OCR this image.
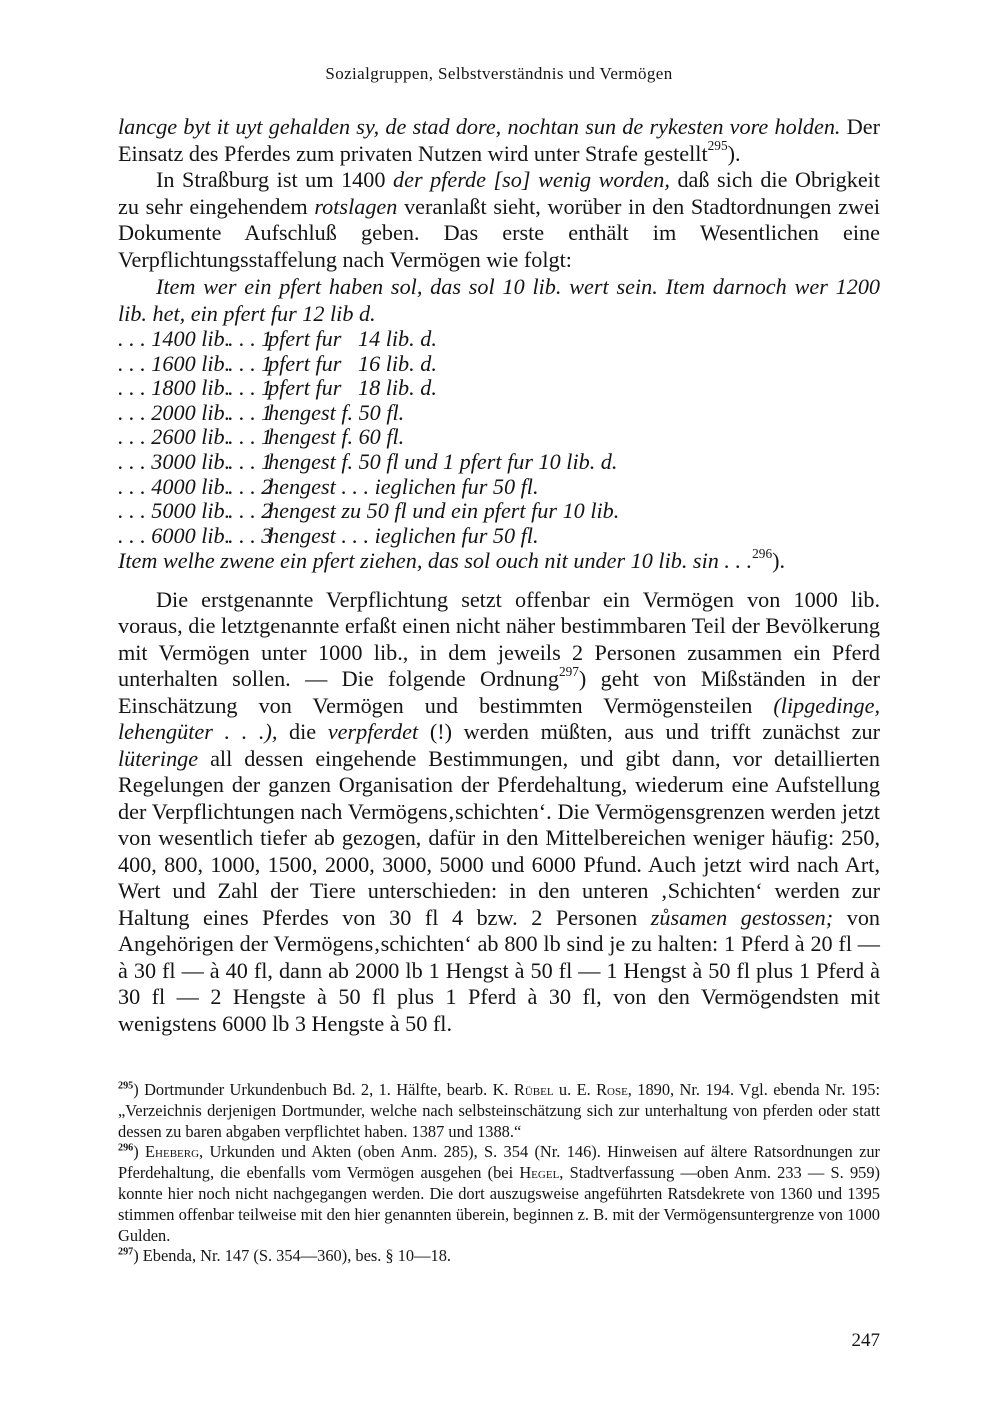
Sozialgruppen, Selbstverständnis und Vermögen

lancge byt it uyt gehalden sy, de stad dore, nochtan sun de rykesten vore holden. Der Einsatz des Pferdes zum privaten Nutzen wird unter Strafe gestellt$^{295}$).

In Straßburg ist um 1400 der pferde [so] wenig worden, daß sich die Obrigkeit zu sehr eingehendem rotslagen veranlaßt sieht, worüber in den Stadtordnungen zwei Dokumente Aufschluß geben. Das erste enthält im Wesentlichen eine Verpflichtungsstaffelung nach Vermögen wie folgt:

Item wer ein pfert haben sol, das sol 10 lib. wert sein. Item darnoch wer 1200 lib. het, ein pfert fur 12 lib d.
. . . 1400 lib.
. . . 1
pfert fur   14 lib. d.
. . . 1600 lib.
. . . 1
pfert fur   16 lib. d.
. . . 1800 lib.
. . . 1
pfert fur   18 lib. d.
. . . 2000 lib.
. . . 1
hengest f. 50 fl.
. . . 2600 lib.
. . . 1
hengest f. 60 fl.
. . . 3000 lib.
. . . 1
hengest f. 50 fl und 1 pfert fur 10 lib. d.
. . . 4000 lib.
. . . 2
hengest . . . ieglichen fur 50 fl.
. . . 5000 lib.
. . . 2
hengest zu 50 fl und ein pfert fur 10 lib.
. . . 6000 lib.
. . . 3
hengest . . . ieglichen fur 50 fl.
Item welhe zwene ein pfert ziehen, das sol ouch nit under 10 lib. sin . . .$^{296}$).

Die erstgenannte Verpflichtung setzt offenbar ein Vermögen von 1000 lib. voraus, die letztgenannte erfaßt einen nicht näher bestimmbaren Teil der Bevölkerung mit Vermögen unter 1000 lib., in dem jeweils 2 Personen zusammen ein Pferd unterhalten sollen. — Die folgende Ordnung$^{297}$) geht von Mißständen in der Einschätzung von Vermögen und bestimmten Vermögensteilen (lipgedinge, lehengüter . . .), die verpferdet (!) werden müßten, aus und trifft zunächst zur lüteringe all dessen eingehende Bestimmungen, und gibt dann, vor detaillierten Regelungen der ganzen Organisation der Pferdehaltung, wiederum eine Aufstellung der Verpflichtungen nach Vermögens‚schichten‘. Die Vermögensgrenzen werden jetzt von wesentlich tiefer ab gezogen, dafür in den Mittelbereichen weniger häufig: 250, 400, 800, 1000, 1500, 2000, 3000, 5000 und 6000 Pfund. Auch jetzt wird nach Art, Wert und Zahl der Tiere unterschieden: in den unteren ‚Schichten‘ werden zur Haltung eines Pferdes von 30 fl 4 bzw. 2 Personen zůsamen gestossen; von Angehörigen der Vermögens‚schichten‘ ab 800 lb sind je zu halten: 1 Pferd à 20 fl — à 30 fl — à 40 fl, dann ab 2000 lb 1 Hengst à 50 fl — 1 Hengst à 50 fl plus 1 Pferd à 30 fl — 2 Hengste à 50 fl plus 1 Pferd à 30 fl, von den Vermögendsten mit wenigstens 6000 lb 3 Hengste à 50 fl.

$^{295}$) Dortmunder Urkundenbuch Bd. 2, 1. Hälfte, bearb. K. Rübel u. E. Rose, 1890, Nr. 194. Vgl. ebenda Nr. 195: „Verzeichnis derjenigen Dortmunder, welche nach selbsteinschätzung sich zur unterhaltung von pferden oder statt dessen zu baren abgaben verpflichtet haben. 1387 und 1388.“

$^{296}$) Eheberg, Urkunden und Akten (oben Anm. 285), S. 354 (Nr. 146). Hinweisen auf ältere Ratsordnungen zur Pferdehaltung, die ebenfalls vom Vermögen ausgehen (bei Hegel, Stadtverfassung —oben Anm. 233 — S. 959) konnte hier noch nicht nachgegangen werden. Die dort auszugsweise angeführten Ratsdekrete von 1360 und 1395 stimmen offenbar teilweise mit den hier genannten überein, beginnen z. B. mit der Vermögensuntergrenze von 1000 Gulden.

$^{297}$) Ebenda, Nr. 147 (S. 354—360), bes. § 10—18.

247
